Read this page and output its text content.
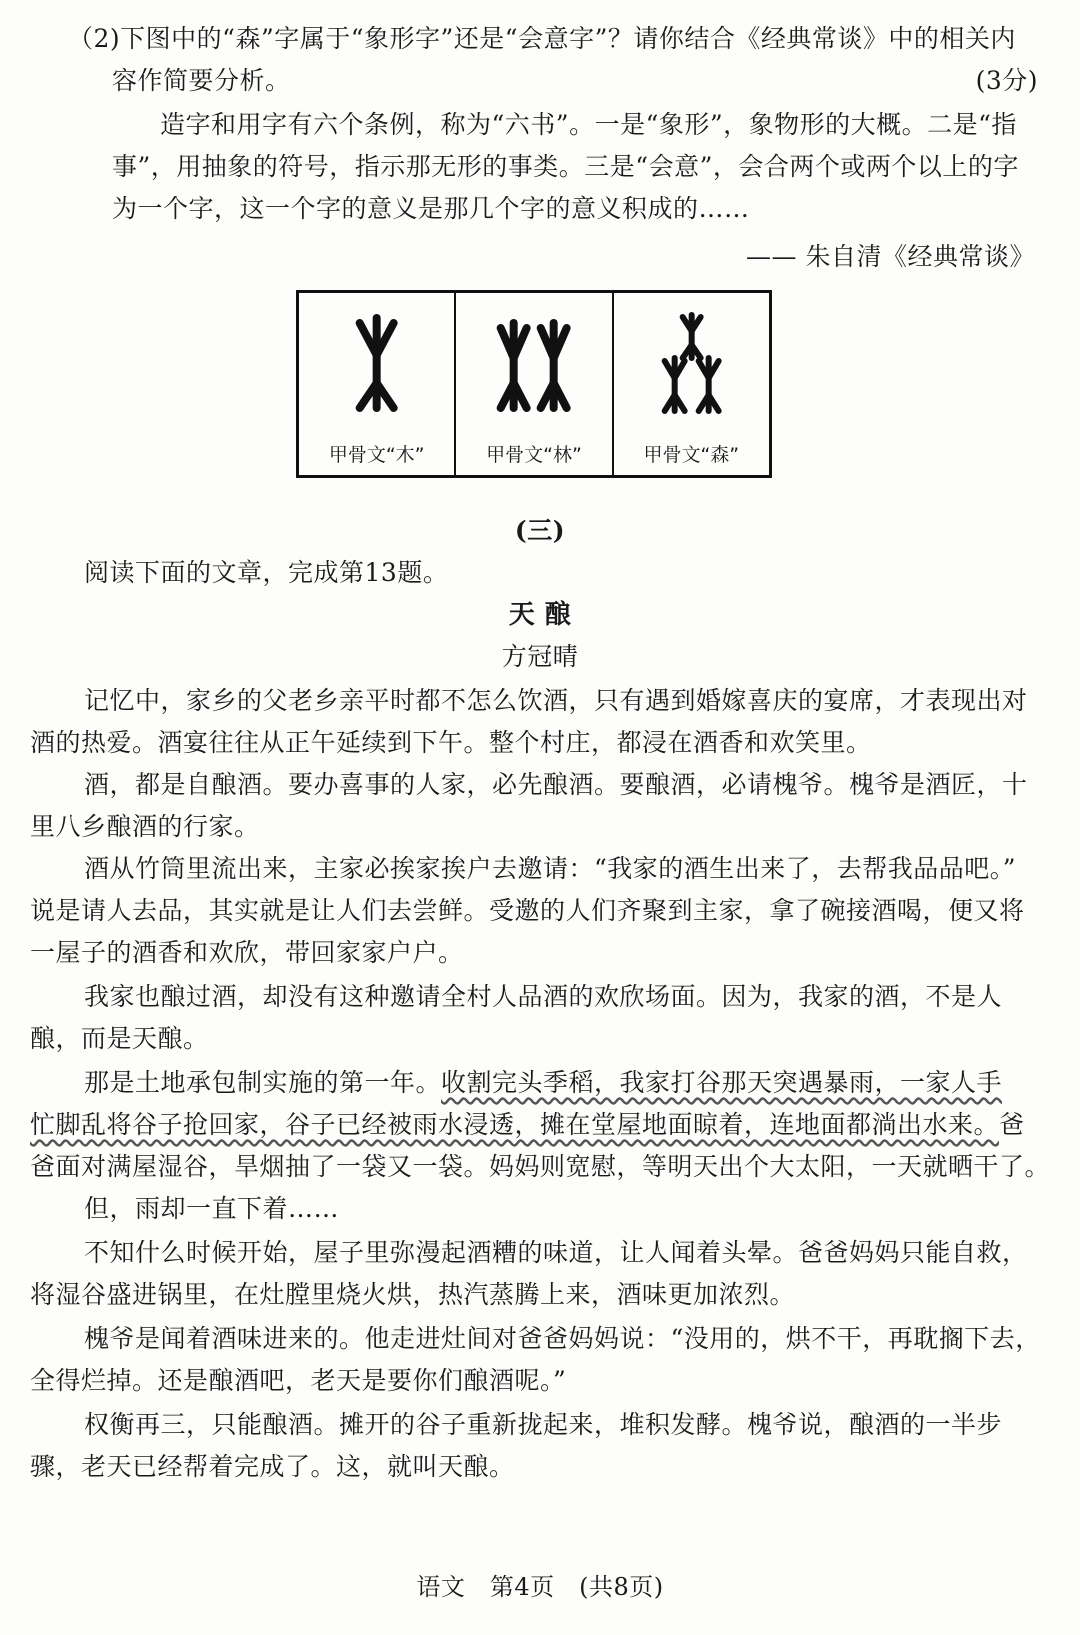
（2)下图中的“森”字属于“象形字”还是“会意字”？请你结合《经典常谈》中的相关内
容作简要分析。	(3分)
造字和用字有六个条例，称为“六书”。一是“象形”，象物形的大概。二是“指
事”，用抽象的符号，指示那无形的事类。三是“会意”，会合两个或两个以上的字
为一个字，这一个字的意义是那几个字的意义积成的……
—— 朱自清《经典常谈》
甲骨文“木”	甲骨文“林”	甲骨文“森”
(三)
阅读下面的文章，完成第13题。
天 酿
方冠晴
记忆中，家乡的父老乡亲平时都不怎么饮酒，只有遇到婚嫁喜庆的宴席，才表现出对
酒的热爱。酒宴往往从正午延续到下午。整个村庄，都浸在酒香和欢笑里。
酒，都是自酿酒。要办喜事的人家，必先酿酒。要酿酒，必请槐爷。槐爷是酒匠，十
里八乡酿酒的行家。
酒从竹筒里流出来，主家必挨家挨户去邀请：“我家的酒生出来了，去帮我品品吧。”
说是请人去品，其实就是让人们去尝鲜。受邀的人们齐聚到主家，拿了碗接酒喝，便又将
一屋子的酒香和欢欣，带回家家户户。
我家也酿过酒，却没有这种邀请全村人品酒的欢欣场面。因为，我家的酒，不是人
酿，而是天酿。
那是土地承包制实施的第一年。收割完头季稻，我家打谷那天突遇暴雨，一家人手
忙脚乱将谷子抢回家，谷子已经被雨水浸透，摊在堂屋地面晾着，连地面都淌出水来。爸
爸面对满屋湿谷，旱烟抽了一袋又一袋。妈妈则宽慰，等明天出个大太阳，一天就晒干了。
但，雨却一直下着……
不知什么时候开始，屋子里弥漫起酒糟的味道，让人闻着头晕。爸爸妈妈只能自救，
将湿谷盛进锅里，在灶膛里烧火烘，热汽蒸腾上来，酒味更加浓烈。
槐爷是闻着酒味进来的。他走进灶间对爸爸妈妈说：“没用的，烘不干，再耽搁下去，
全得烂掉。还是酿酒吧，老天是要你们酿酒呢。”
权衡再三，只能酿酒。摊开的谷子重新拢起来，堆积发酵。槐爷说，酿酒的一半步
骤，老天已经帮着完成了。这，就叫天酿。
语文　第4页　(共8页)
